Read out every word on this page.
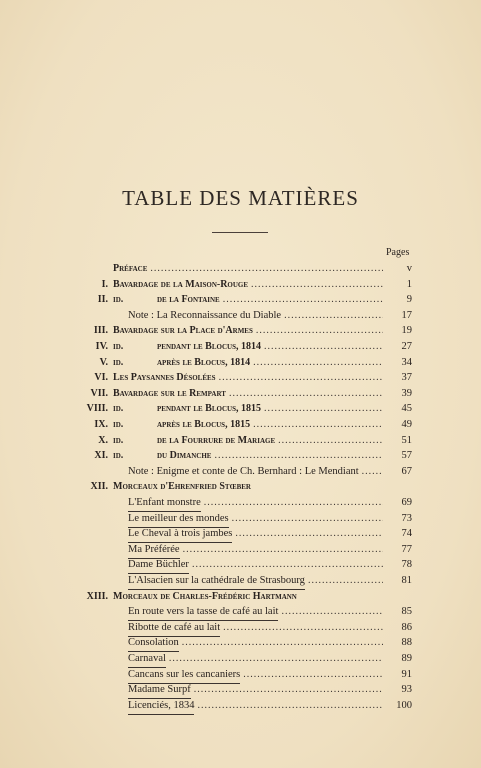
TABLE DES MATIÈRES
Pages
Préface .....	v
I. Bavardage de la Maison-Rouge .....	1
II. id.	de la Fontaine .....	9
Note : La Reconnaissance du Diable .....	17
III. Bavardage sur la Place d'Armes .....	19
IV. id.	pendant le Blocus, 1814 .....	27
V. id.	après le Blocus, 1814 .....	34
VI. Les Paysannes Désolées .....	37
VII. Bavardage sur le Rempart .....	39
VIII. id.	pendant le Blocus, 1815 .....	45
IX. id.	après le Blocus, 1815 .....	49
X. id.	de la Fourrure de Mariage .....	51
XI. id.	du Dimanche .....	57
Note : Enigme et conte de Ch. Bernhard : Le Mendiant .....	67
XII. Morceaux d'Ehrenfried Stœber
L'Enfant monstre .....	69
Le meilleur des mondes .....	73
Le Cheval à trois jambes .....	74
Ma Préférée .....	77
Dame Büchler .....	78
L'Alsacien sur la cathédrale de Strasbourg .....	81
XIII. Morceaux de Charles-Frédéric Hartmann
En route vers la tasse de café au lait .....	85
Ribotte de café au lait .....	86
Consolation .....	88
Carnaval .....	89
Cancans sur les cancaniers .....	91
Madame Surpf .....	93
Licenciés, 1834 .....	100
